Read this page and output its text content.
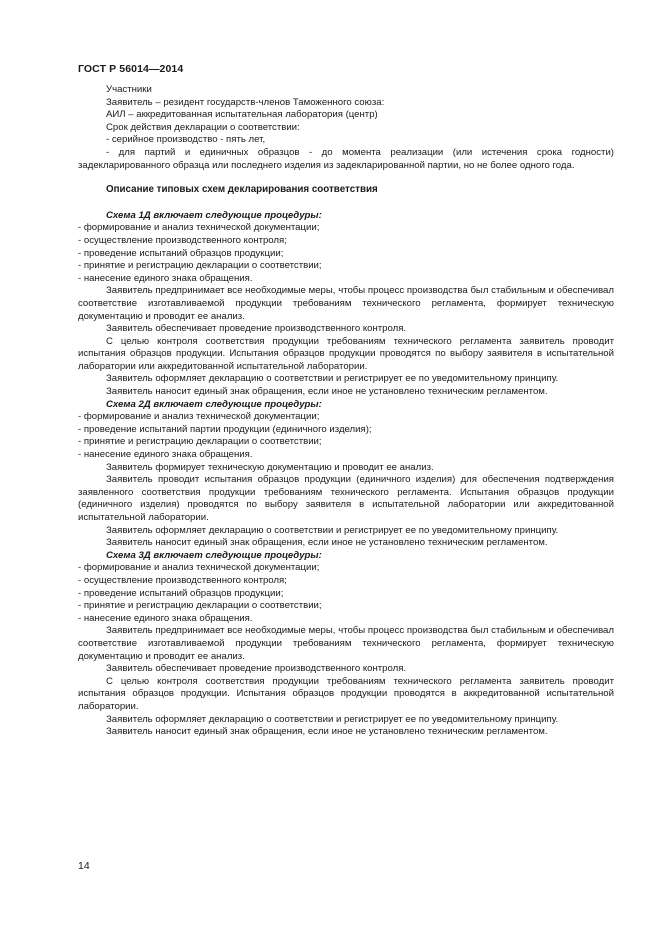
ГОСТ Р 56014—2014

Участники

Заявитель – резидент государств-членов Таможенного союза:

АИЛ – аккредитованная испытательная лаборатория (центр)

Срок действия декларации о соответствии:

- серийное производство - пять лет,

- для партий и единичных образцов - до момента реализации (или истечения срока годности) задекларированного образца или последнего изделия из задекларированной партии, но не более одного года.

Описание типовых схем декларирования соответствия

Схема 1Д включает следующие процедуры:

- формирование и анализ технической документации;

- осуществление производственного контроля;

- проведение испытаний образцов продукции;

- принятие и регистрацию декларации о соответствии;

- нанесение единого знака обращения.

Заявитель предпринимает все необходимые меры, чтобы процесс производства был стабильным и обеспечивал соответствие изготавливаемой продукции требованиям технического регламента, формирует техническую документацию и проводит ее анализ.

Заявитель обеспечивает проведение производственного контроля.

С целью контроля соответствия продукции требованиям технического регламента заявитель проводит испытания образцов продукции. Испытания образцов продукции проводятся по выбору заявителя в испытательной лаборатории или аккредитованной испытательной лаборатории.

Заявитель оформляет декларацию о соответствии и регистрирует ее по уведомительному принципу.

Заявитель наносит единый знак обращения, если иное не установлено техническим регламентом.

Схема 2Д включает следующие процедуры:

- формирование и анализ технической документации;

- проведение испытаний партии продукции (единичного изделия);

- принятие и регистрацию декларации о соответствии;

- нанесение единого знака обращения.

Заявитель формирует техническую документацию и проводит ее анализ.

Заявитель проводит испытания образцов продукции (единичного изделия) для обеспечения подтверждения заявленного соответствия продукции требованиям технического регламента. Испытания образцов продукции (единичного изделия) проводятся по выбору заявителя в испытательной лаборатории или аккредитованной испытательной лаборатории.

Заявитель оформляет декларацию о соответствии и регистрирует ее по уведомительному принципу.

Заявитель наносит единый знак обращения, если иное не установлено техническим регламентом.

Схема 3Д включает следующие процедуры:

- формирование и анализ технической документации;

- осуществление производственного контроля;

- проведение испытаний образцов продукции;

- принятие и регистрацию декларации о соответствии;

- нанесение единого знака обращения.

Заявитель предпринимает все необходимые меры, чтобы процесс производства был стабильным и обеспечивал соответствие изготавливаемой продукции требованиям технического регламента, формирует техническую документацию и проводит ее анализ.

Заявитель обеспечивает проведение производственного контроля.

С целью контроля соответствия продукции требованиям технического регламента заявитель проводит испытания образцов продукции. Испытания образцов продукции проводятся в аккредитованной испытательной лаборатории.

Заявитель оформляет декларацию о соответствии и регистрирует ее по уведомительному принципу.

Заявитель наносит единый знак обращения, если иное не установлено техническим регламентом.

14
